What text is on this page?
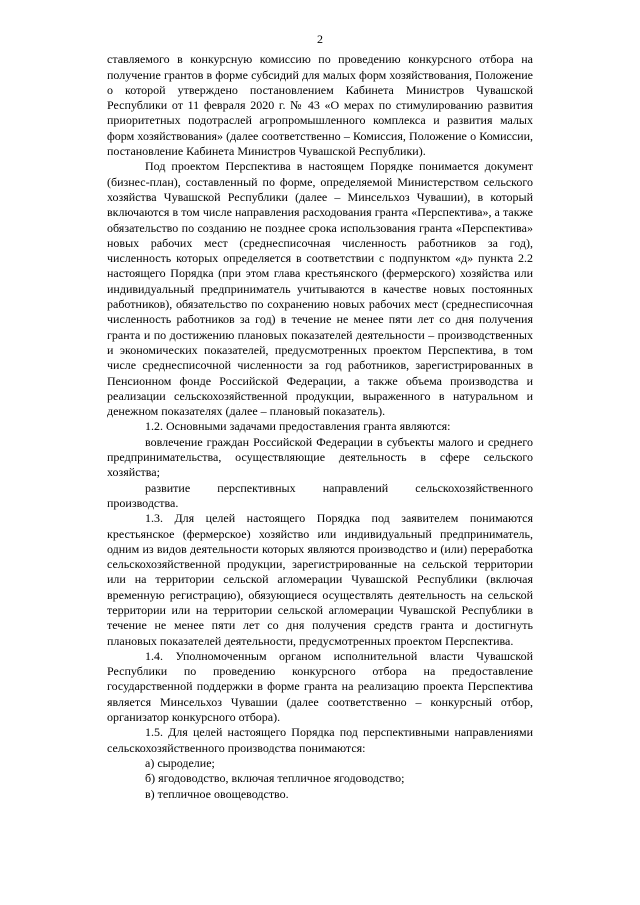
2

ставляемого в конкурсную комиссию по проведению конкурсного отбора на получение грантов в форме субсидий для малых форм хозяйствования, Положение о которой утверждено постановлением Кабинета Министров Чувашской Республики от 11 февраля 2020 г. № 43 «О мерах по стимулированию развития приоритетных подотраслей агропромышленного комплекса и развития малых форм хозяйствования» (далее соответственно – Комиссия, Положение о Комиссии, постановление Кабинета Министров Чувашской Республики).

Под проектом Перспектива в настоящем Порядке понимается документ (бизнес-план), составленный по форме, определяемой Министерством сельского хозяйства Чувашской Республики (далее – Минсельхоз Чувашии), в который включаются в том числе направления расходования гранта «Перспектива», а также обязательство по созданию не позднее срока использования гранта «Перспектива» новых рабочих мест (среднесписочная численность работников за год), численность которых определяется в соответствии с подпунктом «д» пункта 2.2 настоящего Порядка (при этом глава крестьянского (фермерского) хозяйства или индивидуальный предприниматель учитываются в качестве новых постоянных работников), обязательство по сохранению новых рабочих мест (среднесписочная численность работников за год) в течение не менее пяти лет со дня получения гранта и по достижению плановых показателей деятельности – производственных и экономических показателей, предусмотренных проектом Перспектива, в том числе среднесписочной численности за год работников, зарегистрированных в Пенсионном фонде Российской Федерации, а также объема производства и реализации сельскохозяйственной продукции, выраженного в натуральном и денежном показателях (далее – плановый показатель).

1.2. Основными задачами предоставления гранта являются:

вовлечение граждан Российской Федерации в субъекты малого и среднего предпринимательства, осуществляющие деятельность в сфере сельского хозяйства;

развитие перспективных направлений сельскохозяйственного производства.

1.3. Для целей настоящего Порядка под заявителем понимаются крестьянское (фермерское) хозяйство или индивидуальный предприниматель, одним из видов деятельности которых являются производство и (или) переработка сельскохозяйственной продукции, зарегистрированные на сельской территории или на территории сельской агломерации Чувашской Республики (включая временную регистрацию), обязующиеся осуществлять деятельность на сельской территории или на территории сельской агломерации Чувашской Республики в течение не менее пяти лет со дня получения средств гранта и достигнуть плановых показателей деятельности, предусмотренных проектом Перспектива.

1.4. Уполномоченным органом исполнительной власти Чувашской Республики по проведению конкурсного отбора на предоставление государственной поддержки в форме гранта на реализацию проекта Перспектива является Минсельхоз Чувашии (далее соответственно – конкурсный отбор, организатор конкурсного отбора).

1.5. Для целей настоящего Порядка под перспективными направлениями сельскохозяйственного производства понимаются:

а) сыроделие;

б) ягодоводство, включая тепличное ягодоводство;

в) тепличное овощеводство.
